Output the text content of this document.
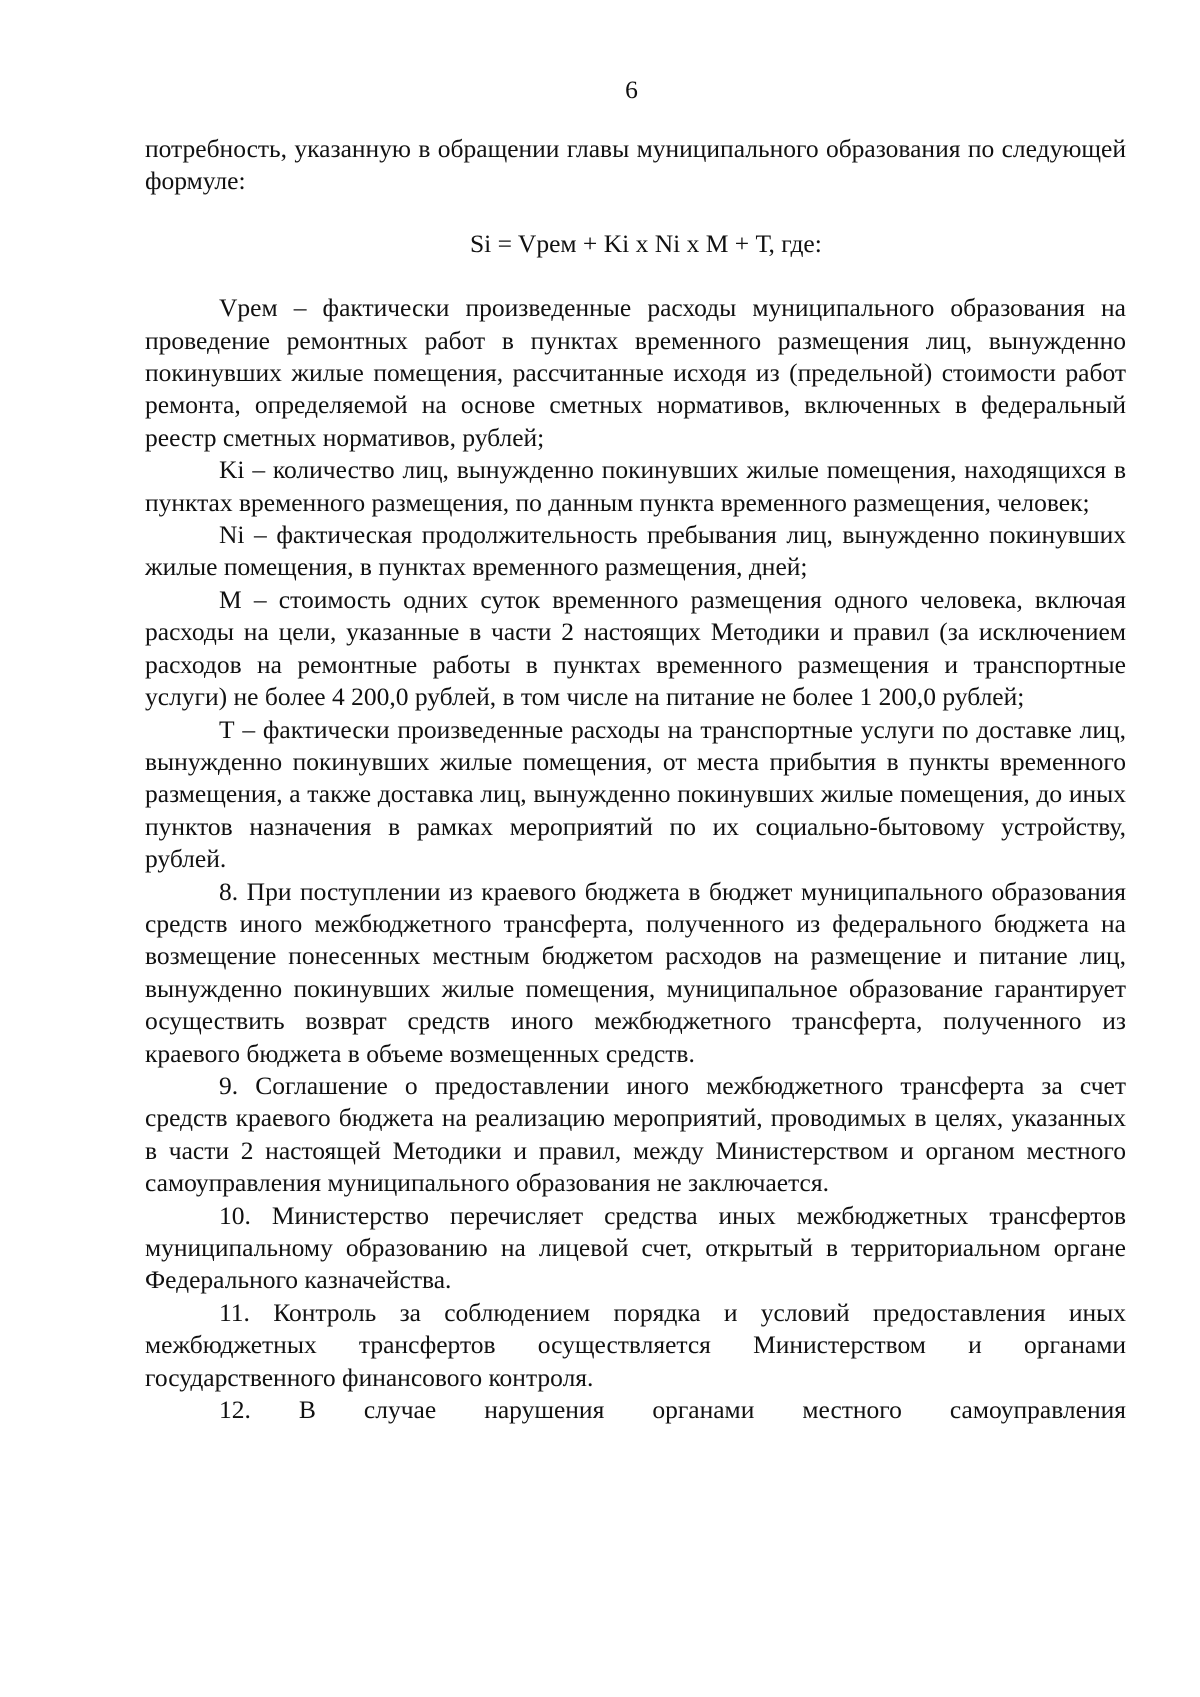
6

потребность, указанную в обращении главы муниципального образования по следующей формуле:

Si = Vрем + Ki x Ni x М + Т, где:

Vрем – фактически произведенные расходы муниципального образования на проведение ремонтных работ в пунктах временного размещения лиц, вынужденно покинувших жилые помещения, рассчитанные исходя из (предельной) стоимости работ ремонта, определяемой на основе сметных нормативов, включенных в федеральный реестр сметных нормативов, рублей;

Ki – количество лиц, вынужденно покинувших жилые помещения, находящихся в пунктах временного размещения, по данным пункта временного размещения, человек;

Ni – фактическая продолжительность пребывания лиц, вынужденно покинувших жилые помещения, в пунктах временного размещения, дней;

М – стоимость одних суток временного размещения одного человека, включая расходы на цели, указанные в части 2 настоящих Методики и правил (за исключением расходов на ремонтные работы в пунктах временного размещения и транспортные услуги) не более 4 200,0 рублей, в том числе на питание не более 1 200,0 рублей;

Т – фактически произведенные расходы на транспортные услуги по доставке лиц, вынужденно покинувших жилые помещения, от места прибытия в пункты временного размещения, а также доставка лиц, вынужденно покинувших жилые помещения, до иных пунктов назначения в рамках мероприятий по их социально-бытовому устройству, рублей.

8. При поступлении из краевого бюджета в бюджет муниципального образования средств иного межбюджетного трансферта, полученного из федерального бюджета на возмещение понесенных местным бюджетом расходов на размещение и питание лиц, вынужденно покинувших жилые помещения, муниципальное образование гарантирует осуществить возврат средств иного межбюджетного трансферта, полученного из краевого бюджета в объеме возмещенных средств.

9. Соглашение о предоставлении иного межбюджетного трансферта за счет средств краевого бюджета на реализацию мероприятий, проводимых в целях, указанных в части 2 настоящей Методики и правил, между Министерством и органом местного самоуправления муниципального образования не заключается.

10. Министерство перечисляет средства иных межбюджетных трансфертов муниципальному образованию на лицевой счет, открытый в территориальном органе Федерального казначейства.

11. Контроль за соблюдением порядка и условий предоставления иных межбюджетных трансфертов осуществляется Министерством и органами государственного финансового контроля.

12. В случае нарушения органами местного самоуправления
